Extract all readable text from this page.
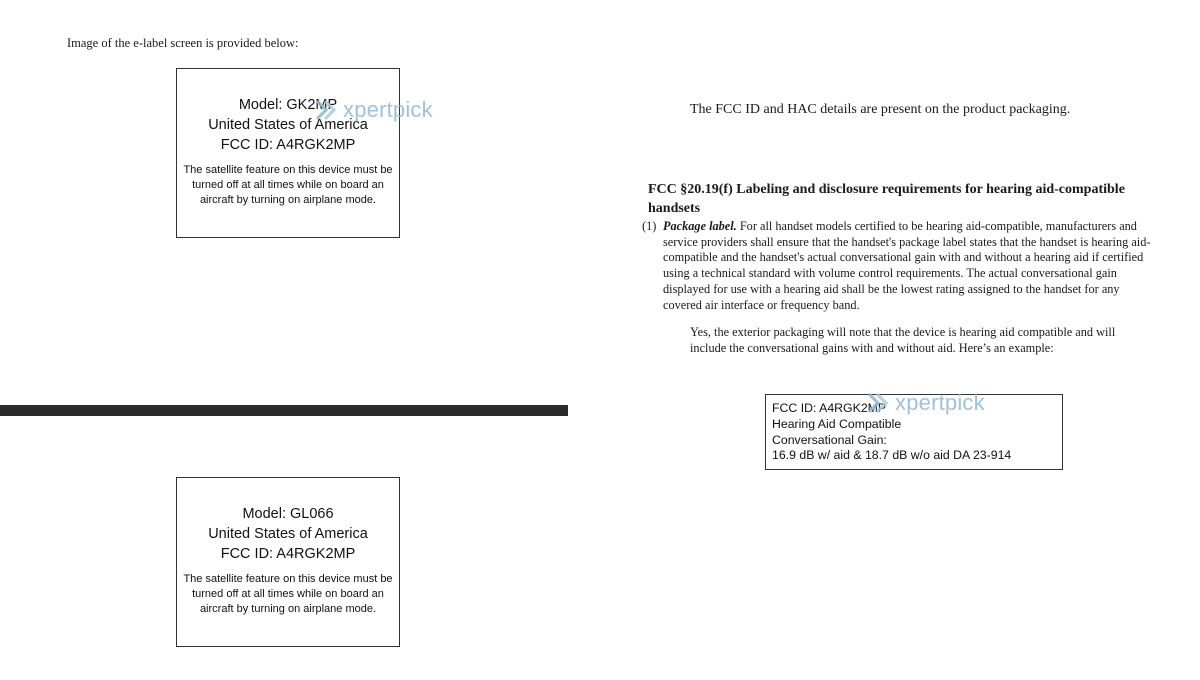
Image of the e-label screen is provided below:
Model: GK2MP
United States of America
FCC ID: A4RGK2MP
The satellite feature on this device must be turned off at all times while on board an aircraft by turning on airplane mode.
xpertpick
Model: GL066
United States of America
FCC ID: A4RGK2MP
The satellite feature on this device must be turned off at all times while on board an aircraft by turning on airplane mode.
The FCC ID and HAC details are present on the product packaging.
FCC §20.19(f) Labeling and disclosure requirements for hearing aid-compatible handsets
(1) Package label. For all handset models certified to be hearing aid-compatible, manufacturers and service providers shall ensure that the handset's package label states that the handset is hearing aid-compatible and the handset's actual conversational gain with and without a hearing aid if certified using a technical standard with volume control requirements. The actual conversational gain displayed for use with a hearing aid shall be the lowest rating assigned to the handset for any covered air interface or frequency band.
Yes, the exterior packaging will note that the device is hearing aid compatible and will include the conversational gains with and without aid. Here’s an example:
FCC ID: A4RGK2MP
Hearing Aid Compatible
Conversational Gain:
16.9 dB w/ aid & 18.7 dB w/o aid DA 23-914
xpertpick
